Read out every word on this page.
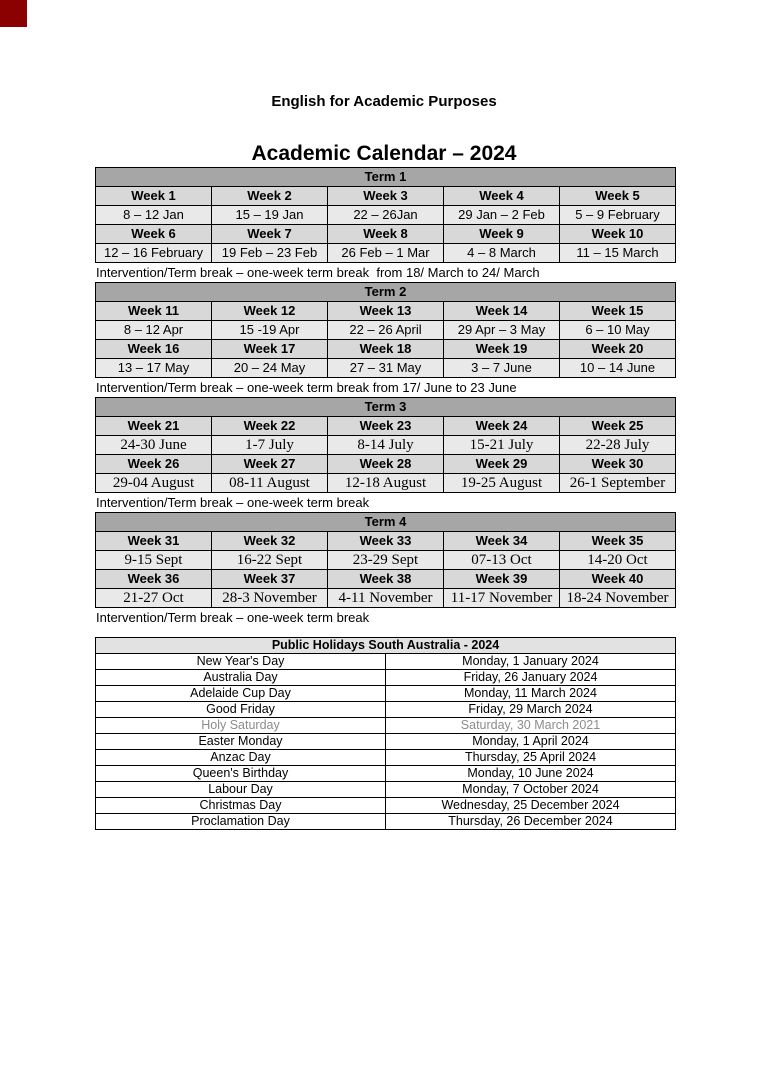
English for Academic Purposes
Academic Calendar – 2024
Term 1				
Week 1	Week 2	Week 3	Week 4	Week 5
8 – 12 Jan	15 – 19 Jan	22 – 26Jan	29 Jan – 2 Feb	5 – 9 February
Week 6	Week 7	Week 8	Week 9	Week 10
12 – 16 February	19 Feb – 23 Feb	26 Feb – 1 Mar	4 – 8 March	11 – 15 March
Intervention/Term break – one-week term break  from 18/ March to 24/ March
Term 2				
Week 11	Week 12	Week 13	Week 14	Week 15
8 – 12 Apr	15 -19 Apr	22 – 26 April	29 Apr – 3 May	6 – 10 May
Week 16	Week 17	Week 18	Week 19	Week 20
13 – 17 May	20 – 24 May	27 – 31 May	3 – 7 June	10 – 14 June
Intervention/Term break – one-week term break from 17/ June to 23 June
Term 3				
Week 21	Week 22	Week 23	Week 24	Week 25
24-30 June	1-7 July	8-14 July	15-21 July	22-28 July
Week 26	Week 27	Week 28	Week 29	Week 30
29-04 August	08-11 August	12-18 August	19-25 August	26-1 September
Intervention/Term break – one-week term break
Term 4				
Week 31	Week 32	Week 33	Week 34	Week 35
9-15 Sept	16-22 Sept	23-29 Sept	07-13 Oct	14-20 Oct
Week 36	Week 37	Week 38	Week 39	Week 40
21-27 Oct	28-3 November	4-11 November	11-17 November	18-24 November
Intervention/Term break – one-week term break
Public Holidays South Australia - 2024	
New Year's Day	Monday, 1 January 2024
Australia Day	Friday, 26 January 2024
Adelaide Cup Day	Monday, 11 March 2024
Good Friday	Friday, 29 March 2024
Holy Saturday	Saturday, 30 March 2021
Easter Monday	Monday, 1 April 2024
Anzac Day	Thursday, 25 April 2024
Queen's Birthday	Monday, 10 June 2024
Labour Day	Monday, 7 October 2024
Christmas Day	Wednesday, 25 December 2024
Proclamation Day	Thursday, 26 December 2024
